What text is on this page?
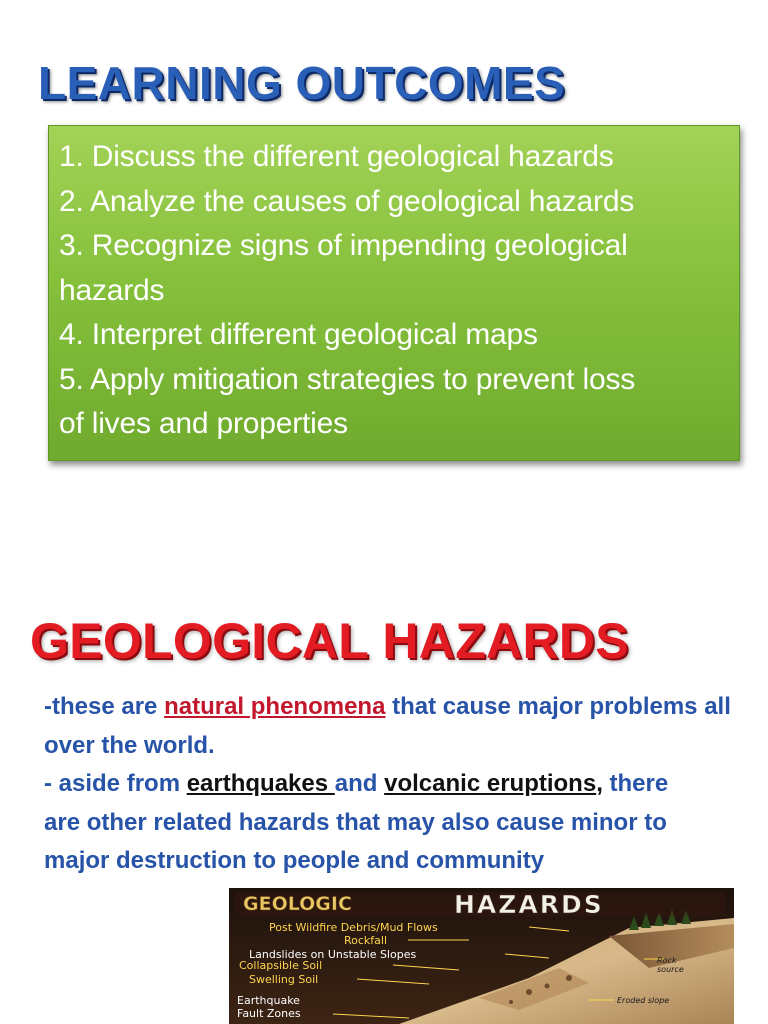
LEARNING OUTCOMES
1. Discuss the different geological hazards
2. Analyze the causes of geological hazards
3. Recognize signs of impending geological
hazards
4. Interpret different geological maps
5. Apply mitigation strategies to prevent loss
of lives and properties
GEOLOGICAL HAZARDS

-these are natural phenomena that cause major problems all over the world.

- aside from earthquakes and volcanic eruptions, there are other related hazards that may also cause minor to major destruction to people and community

GEOLOGIC	HAZARDS
Post Wildfire Debris/Mud Flows
Rockfall
Landslides on Unstable Slopes
Collapsible Soil
Swelling Soil
Earthquake
Fault Zones
Rock
source
Eroded slope
